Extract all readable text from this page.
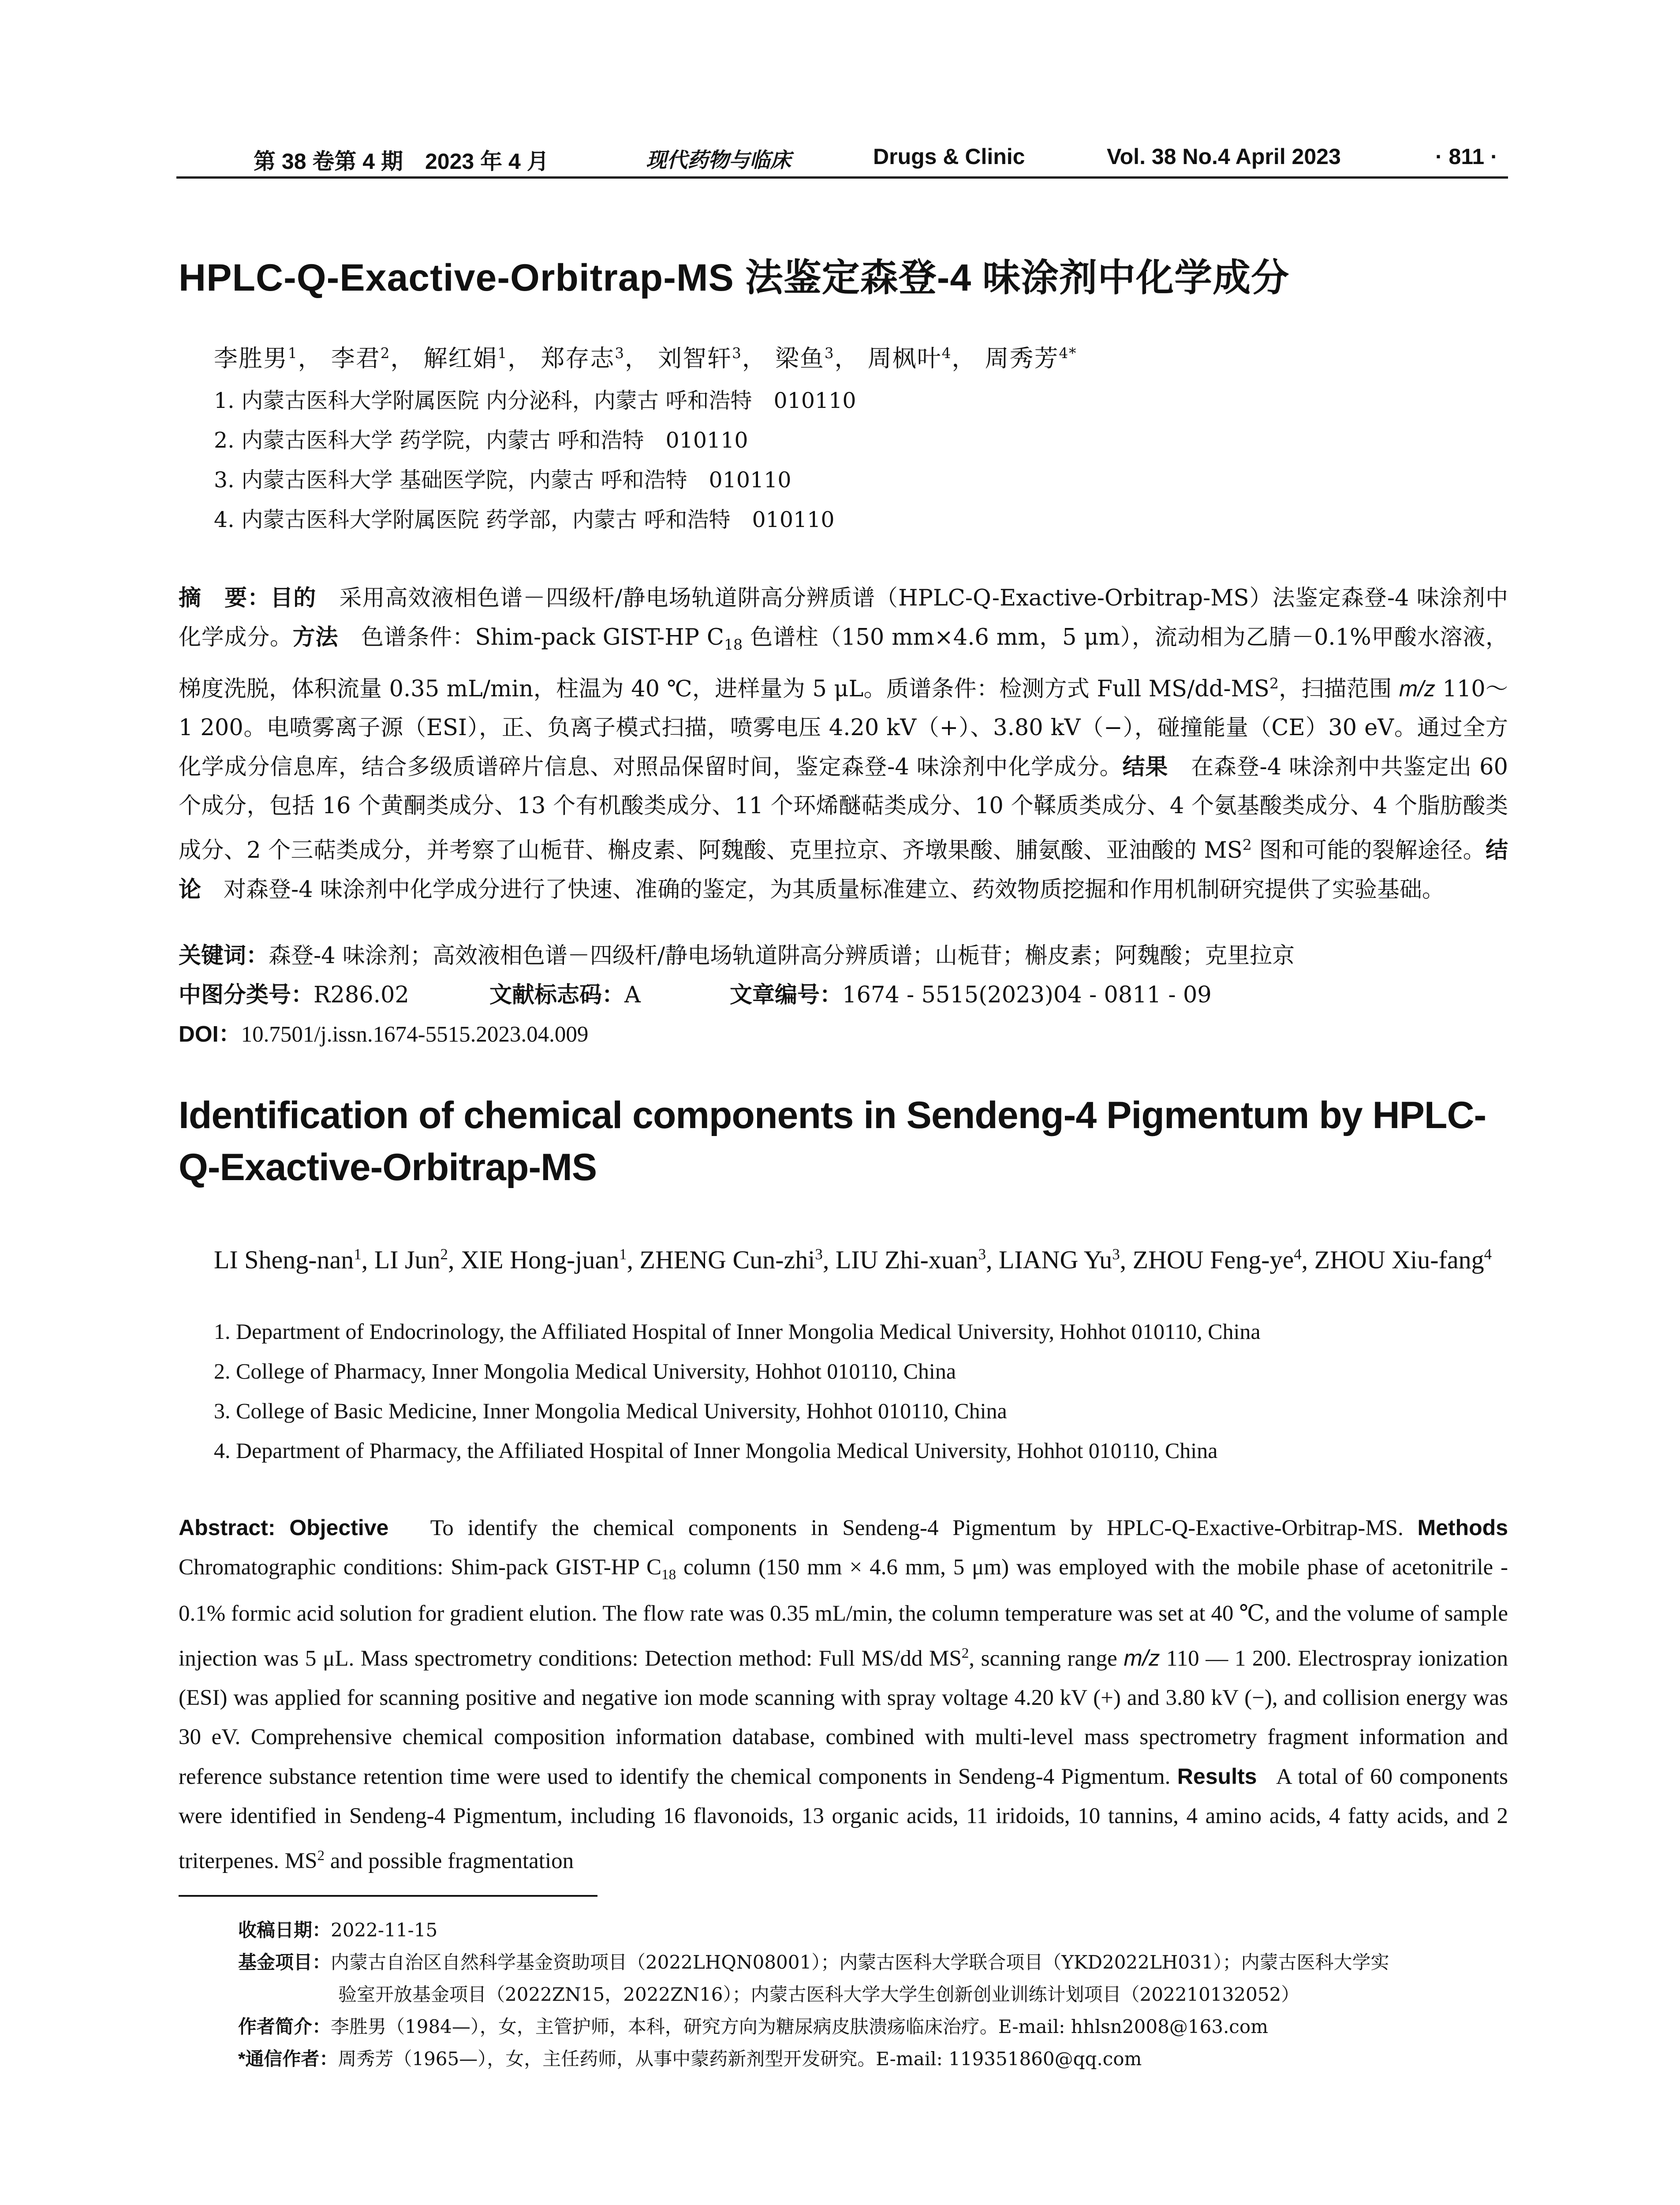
第 38 卷第 4 期　2023 年 4 月	现代药物与临床	Drugs & Clinic	Vol. 38 No.4 April 2023	· 811 ·
HPLC-Q-Exactive-Orbitrap-MS 法鉴定森登-4 味涂剂中化学成分
李胜男$^1$， 李君$^2$， 解红娟$^1$， 郑存志$^3$， 刘智轩$^3$， 梁鱼$^3$， 周枫叶$^4$， 周秀芳$^{4*}$
1. 内蒙古医科大学附属医院 内分泌科，内蒙古 呼和浩特　010110
2. 内蒙古医科大学 药学院，内蒙古 呼和浩特　010110
3. 内蒙古医科大学 基础医学院，内蒙古 呼和浩特　010110
4. 内蒙古医科大学附属医院 药学部，内蒙古 呼和浩特　010110
摘　要：目的　 采用高效液相色谱－四级杆/静电场轨道阱高分辨质谱（HPLC-Q-Exactive-Orbitrap-MS）法鉴定森登-4 味涂剂中化学成分。方法　 色谱条件：Shim-pack GIST-HP $C_{18}$ 色谱柱（150 mm×4.6 mm，5 μm），流动相为乙腈－0.1%甲酸水溶液，梯度洗脱，体积流量 0.35 mL/min，柱温为 40 ℃，进样量为 5 μL。质谱条件：检测方式 Full $MS/dd-MS^2$，扫描范围 m/z 110～1 200。电喷雾离子源（ESI），正、负离子模式扫描，喷雾电压 4.20 kV（+）、3.80 kV（−），碰撞能量（CE）30 eV。通过全方化学成分信息库，结合多级质谱碎片信息、对照品保留时间，鉴定森登-4 味涂剂中化学成分。结果　 在森登-4 味涂剂中共鉴定出 60 个成分，包括 16 个黄酮类成分、13 个有机酸类成分、11 个环烯醚萜类成分、10 个鞣质类成分、4 个氨基酸类成分、4 个脂肪酸类成分、2 个三萜类成分，并考察了山栀苷、槲皮素、阿魏酸、克里拉京、齐墩果酸、脯氨酸、亚油酸的 $MS^2$ 图和可能的裂解途径。结论　 对森登-4 味涂剂中化学成分进行了快速、准确的鉴定，为其质量标准建立、药效物质挖掘和作用机制研究提供了实验基础。
关键词：森登-4 味涂剂；高效液相色谱－四级杆/静电场轨道阱高分辨质谱；山栀苷；槲皮素；阿魏酸；克里拉京
中图分类号：R286.02	文献标志码：A	文章编号：1674 - 5515(2023)04 - 0811 - 09
DOI：10.7501/j.issn.1674-5515.2023.04.009
Identification of chemical components in Sendeng-4 Pigmentum by HPLC-Q-Exactive-Orbitrap-MS
LI Sheng-nan$^1$, LI Jun$^2$, XIE Hong-juan$^1$, ZHENG Cun-zhi$^3$, LIU Zhi-xuan$^3$, LIANG Yu$^3$, ZHOU Feng-$ye^4$, ZHOU Xiu-fang$^4$
1. Department of Endocrinology, the Affiliated Hospital of Inner Mongolia Medical University, Hohhot 010110, China
2. College of Pharmacy, Inner Mongolia Medical University, Hohhot 010110, China
3. College of Basic Medicine, Inner Mongolia Medical University, Hohhot 010110, China
4. Department of Pharmacy, the Affiliated Hospital of Inner Mongolia Medical University, Hohhot 010110, China
Abstract: Objective To identify the chemical components in Sendeng-4 Pigmentum by HPLC-Q-Exactive-Orbitrap-MS. Methods Chromatographic conditions: Shim-pack GIST-HP $C_{18}$ column (150 mm × 4.6 mm, 5 μm) was employed with the mobile phase of acetonitrile - 0.1% formic acid solution for gradient elution. The flow rate was 0.35 mL/min, the column temperature was set at 40 ℃, and the volume of sample injection was 5 μL. Mass spectrometry conditions: Detection method: Full MS/dd $MS^2$, scanning range m/z 110 — 1 200. Electrospray ionization (ESI) was applied for scanning positive and negative ion mode scanning with spray voltage 4.20 kV (+) and 3.80 kV (−), and collision energy was 30 eV. Comprehensive chemical composition information database, combined with multi-level mass spectrometry fragment information and reference substance retention time were used to identify the chemical components in Sendeng-4 Pigmentum. Results A total of 60 components were identified in Sendeng-4 Pigmentum, including 16 flavonoids, 13 organic acids, 11 iridoids, 10 tannins, 4 amino acids, 4 fatty acids, and 2 triterpenes. $MS^2$ and possible fragmentation
收稿日期：2022-11-15
基金项目：内蒙古自治区自然科学基金资助项目（2022LHQN08001）；内蒙古医科大学联合项目（YKD2022LH031）；内蒙古医科大学实
验室开放基金项目（2022ZN15，2022ZN16）；内蒙古医科大学大学生创新创业训练计划项目（202210132052）
作者简介：李胜男（1984—），女，主管护师，本科，研究方向为糖尿病皮肤溃疡临床治疗。E-mail: hhlsn2008@163.com
*通信作者：周秀芳（1965—），女，主任药师，从事中蒙药新剂型开发研究。E-mail: 119351860@qq.com
